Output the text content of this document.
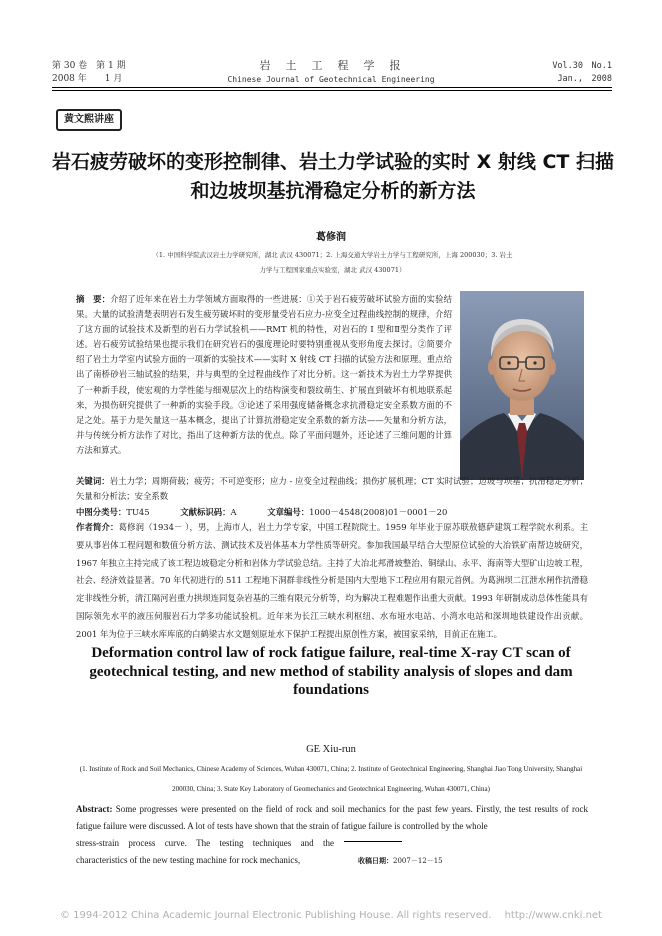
第 30 卷　第 1 期
2008 年　　1 月
岩　土　工　程　学　报
Chinese Journal of Geotechnical Engineering
Vol.30　No.1
Jan.,　2008
黄文熙讲座
岩石疲劳破坏的变形控制律、岩土力学试验的实时 X 射线 CT 扫描和边坡坝基抗滑稳定分析的新方法
葛修润
（1. 中国科学院武汉岩土力学研究所，湖北 武汉 430071；2. 上海交通大学岩土力学与工程研究所，上海 200030；3. 岩土力学与工程国家重点实验室，湖北 武汉 430071）
摘　要：介绍了近年来在岩土力学领域方面取得的一些进展：①关于岩石疲劳破坏试验方面的实验结果。大量的试验清楚表明岩石发生疲劳破坏时的变形量受岩石应力-应变全过程曲线控制的规律，介绍了这方面的试验技术及新型的岩石力学试验机——RMT 机的特性，对岩石的 Ⅰ 型和Ⅱ型分类作了评述。岩石疲劳试验结果也提示我们在研究岩石的强度理论时要特别重视从变形角度去探讨。②简要介绍了岩土力学室内试验方面的一项新的实验技术——实时 X 射线 CT 扫描的试验方法和原理。重点给出了南桥砂岩三轴试验的结果，并与典型的全过程曲线作了对比分析。这一新技术为岩土力学界提供了一种新手段，使宏观的力学性能与细观层次上的结构演变和裂纹萌生、扩展直到破坏有机地联系起来，为损伤研究提供了一种新的实验手段。③论述了采用强度储备概念求抗滑稳定安全系数方面的不足之处。基于力是矢量这一基本概念，提出了计算抗滑稳定安全系数的新方法——矢量和分析方法，并与传统分析方法作了对比，指出了这种新方法的优点。除了平面问题外，还论述了三维问题的计算方法和算式。
关键词：岩土力学；周期荷载；疲劳；不可逆变形；应力 - 应变全过程曲线；损伤扩展机理；CT 实时试验；边坡与坝基；抗滑稳定分析；矢量和分析法；安全系数
中图分类号：TU45	文献标识码：A	文章编号：1000－4548(2008)01－0001－20
作者简介：葛修润（1934－ ），男，上海市人，岩土力学专家，中国工程院院士。1959 年毕业于原苏联敖德萨建筑工程学院水利系。主要从事岩体工程问题和数值分析方法、测试技术及岩体基本力学性质等研究。参加我国最早结合大型原位试验的大冶铁矿南帮边坡研究，1967 年独立主持完成了该工程边坡稳定分析和岩体力学试验总结。主持了大冶北邦滑坡整治、铜绿山、永平、海南等大型矿山边坡工程，社会、经济效益显著。70 年代初进行的 511 工程地下洞群非线性分析是国内大型地下工程应用有限元首例。为葛洲坝二江泄水闸作抗滑稳定非线性分析，清江隔河岩重力拱坝连同复杂岩基的三维有限元分析等，均为解决工程难题作出重大贡献。1993 年研制成动总体性能具有国际领先水平的液压伺服岩石力学多功能试验机。近年来为长江三峡水利枢纽、水布垭水电站、小湾水电站和深圳地铁建设作出贡献。2001 年为位于三峡水库库底的白鹤梁古水文题刻原址水下保护工程提出原创性方案，被国家采纳，目前正在施工。
Deformation control law of rock fatigue failure, real-time X-ray CT scan of geotechnical testing, and new method of stability analysis of slopes and dam foundations
GE Xiu-run
(1. Institute of Rock and Soil Mechanics, Chinese Academy of Sciences, Wuhan 430071, China; 2. Institute of Geotechnical Engineering, Shanghai Jiao Tong University, Shanghai 200030, China; 3. State Key Laboratory of Geomechanics and Geotechnical Engineering, Wuhan 430071, China)
Abstract: Some progresses were presented on the field of rock and soil mechanics for the past few years. Firstly, the test results of rock fatigue failure were discussed. A lot of tests have shown that the strain of fatigue failure is controlled by the whole
stress-strain process curve. The testing techniques and the characteristics of the new testing machine for rock mechanics,	收稿日期：2007－12－15
© 1994-2012 China Academic Journal Electronic Publishing House. All rights reserved.　 http://www.cnki.net
